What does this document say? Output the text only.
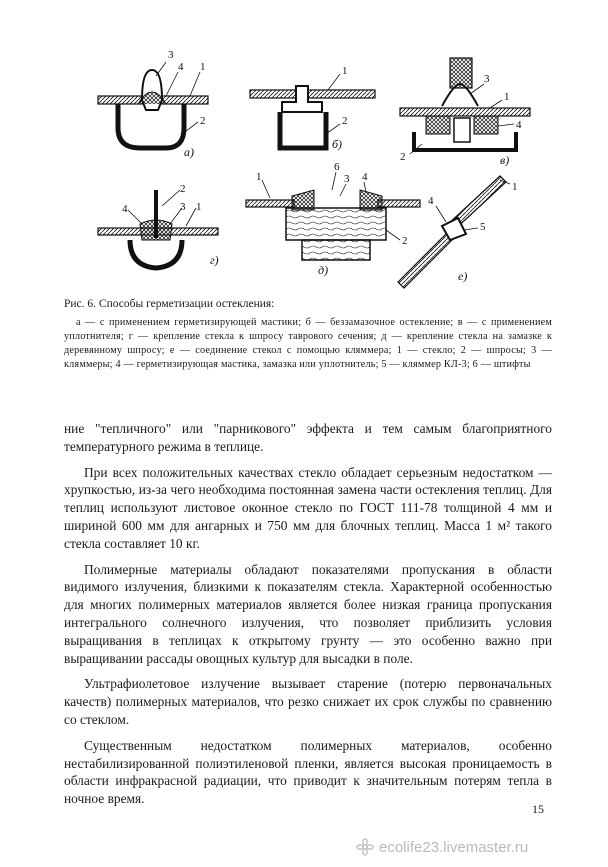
3
4 1
2
а)
1
2
б)
3
1
4
2	в)
2
4	3 1
г)
1
6
3 4
2
д)
4
1
5
е)
Рис. 6. Способы герметизации остекления:
а — с применением герметизирующей мастики; б — беззамазочное остекление; в — с применением уплотнителя; г — крепление стекла к шпросу таврового сечения; д — крепление стекла на замазке к деревянному шпросу; е — соединение стекол с помощью кляммера; 1 — стекло; 2 — шпросы; 3 — кляммеры; 4 — герметизирующая мастика, замазка или уплотнитель; 5 — кляммер КЛ-3; 6 — штифты

ние "тепличного" или "парникового" эффекта и тем самым благоприятного температурного режима в теплице.

При всех положительных качествах стекло обладает серьезным недостатком — хрупкостью, из-за чего необходима постоянная замена части остекления теплиц. Для теплиц используют листовое оконное стекло по ГОСТ 111-78 толщиной 4 мм и шириной 600 мм для ангарных и 750 мм для блочных теплиц. Масса 1 м² такого стекла составляет 10 кг.

Полимерные материалы обладают показателями пропускания в области видимого излучения, близкими к показателям стекла. Характерной особенностью для многих полимерных материалов является более низкая граница пропускания интегрального солнечного излучения, что позволяет приблизить условия выращивания в теплицах к открытому грунту — это особенно важно при выращивании рассады овощных культур для высадки в поле.

Ультрафиолетовое излучение вызывает старение (потерю первоначальных качеств) полимерных материалов, что резко снижает их срок службы по сравнению со стеклом.

Существенным недостатком полимерных материалов, особенно нестабилизированной полиэтиленовой пленки, является высокая проницаемость в области инфракрасной радиации, что приводит к значительным потерям тепла в ночное время.

15
ecolife23.livemaster.ru
